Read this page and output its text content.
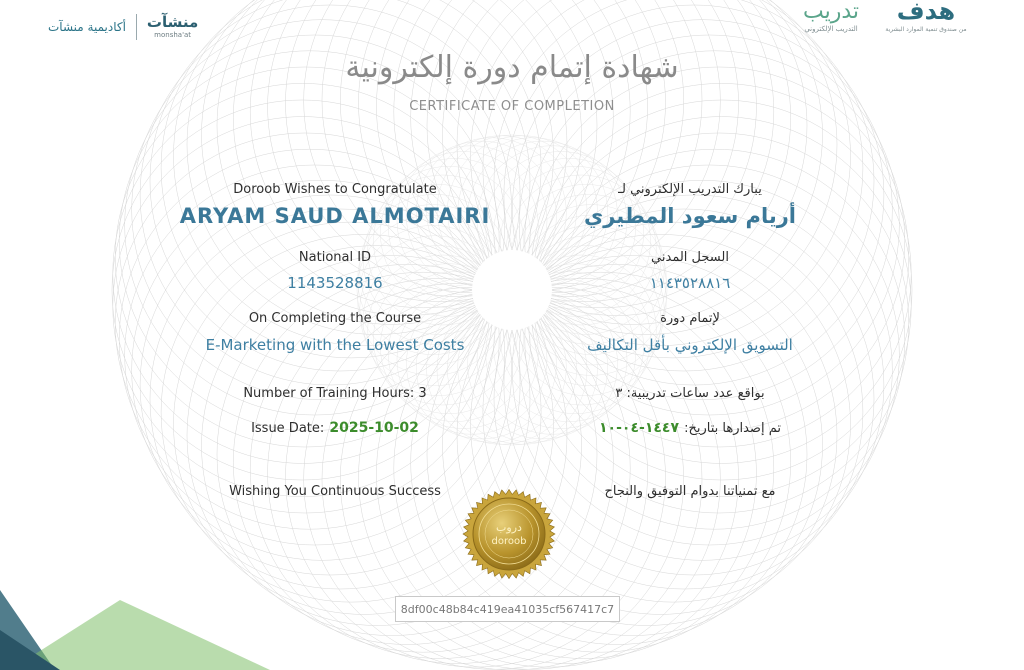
أكاديمية منشآت منشآت
monsha'at
تدريب
التدريب الإلكتروني
هدف
من صندوق تنمية الموارد البشرية
شهادة إتمام دورة إلكترونية
CERTIFICATE OF COMPLETION
Doroob Wishes to Congratulate
ARYAM SAUD ALMOTAIRI
National ID
1143528816
On Completing the Course
E-Marketing with the Lowest Costs
Number of Training Hours: 3
Issue Date: 2025-10-02
Wishing You Continuous Success
يبارك التدريب الإلكتروني لـ
أريام سعود المطيري
السجل المدني
١١٤٣٥٢٨٨١٦
لإتمام دورة
التسويق الإلكتروني بأقل التكاليف
بواقع عدد ساعات تدريبية: ٣
تم إصدارها بتاريخ: ١٤٤٧-٠٤-١٠
مع تمنياتنا بدوام التوفيق والنجاح
دروب
doroob
8df00c48b84c419ea41035cf567417c7
